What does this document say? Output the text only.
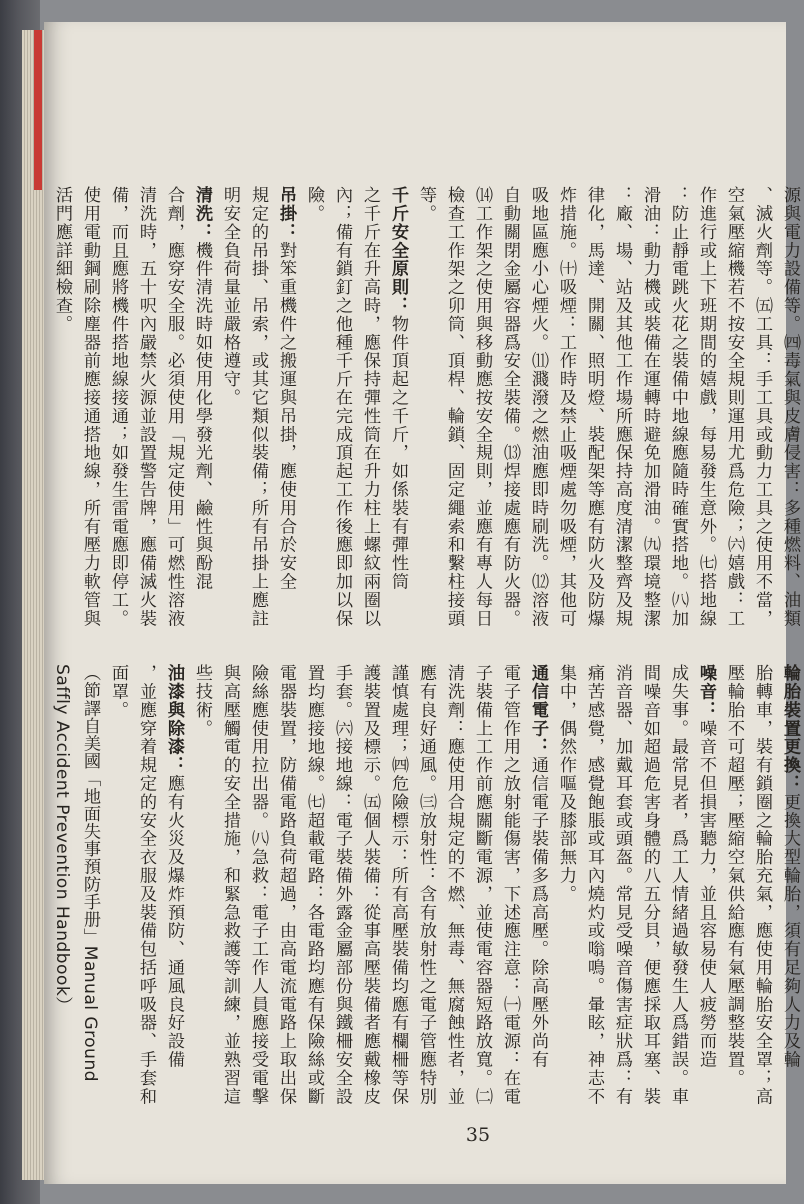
源與電力設備等。㈣毒氣與皮膚侵害：多種燃料、油類
、滅火劑等。㈤工具：手工具或動力工具之使用不當，
空氣壓縮機若不按安全規則運用尤爲危險；㈥嬉戲：工
作進行或上下班期間的嬉戲，每易發生意外。㈦搭地線
：防止靜電跳火花之裝備中地線應隨時確實搭地。㈧加
滑油：動力機或裝備在運轉時避免加滑油。㈨環境整潔
：廠、場、站及其他工作場所應保持高度清潔整齊及規
律化，馬達、開關、照明燈、裝配架等應有防火及防爆
炸措施。㈩吸煙：工作時及禁止吸煙處勿吸煙，其他可
吸地區應小心煙火。⑾濺潑之燃油應即時刷洗。⑿溶液
自動關閉金屬容器爲安全裝備。⒀焊接處應有防火器。
⒁工作架之使用與移動應按安全規則，並應有專人每日
檢查工作架之卯筒、頂桿、輪鎖、固定繩索和繫柱接頭
等。
千斤安全原則：物件頂起之千斤，如係裝有彈性筒
之千斤在升高時，應保持彈性筒在升力柱上螺紋兩圈以
內；備有鎖釘之他種千斤在完成頂起工作後應即加以保
險。
吊掛：對笨重機件之搬運與吊掛，應使用合於安全
規定的吊掛、吊索，或其它類似裝備；所有吊掛上應註
明安全負荷量並嚴格遵守。
清洗：機件清洗時如使用化學發光劑、鹼性與酚混
合劑，應穿安全服。必須使用「規定使用」可燃性溶液
清洗時，五十呎內嚴禁火源並設置警告牌，應備滅火裝
備，而且應將機件搭地線接通；如發生雷電應即停工。
使用電動鋼刷除塵器前應接通搭地線，所有壓力軟管與
活門應詳細檢查。
輪胎裝置更換：更換大型輪胎，須有足夠人力及輪
胎轉車，裝有鎖圈之輪胎充氣，應使用輪胎安全罩；高
壓輪胎不可超壓；壓縮空氣供給應有氣壓調整裝置。
噪音：噪音不但損害聽力，並且容易使人疲勞而造
成失事。最常見者，爲工人情緒過敏發生人爲錯誤。車
間噪音如超過危害身體的八五分貝，便應採取耳塞、裝
消音器、加戴耳套或頭盔。常見受噪音傷害症狀爲：有
痛苦感覺，感覺飽脹或耳內燒灼或嗡鳴。暈眩，神志不
集中，偶然作嘔及膝部無力。
通信電子：通信電子裝備多爲高壓。除高壓外尚有
電子管作用之放射能傷害，下述應注意：㈠電源：在電
子裝備上工作前應關斷電源，並使電容器短路放寬。㈡
清洗劑：應使用合規定的不燃、無毒、無腐蝕性者，並
應有良好通風。㈢放射性：含有放射性之電子管應特別
謹慎處理；㈣危險標示：所有高壓裝備均應有欄柵等保
護裝置及標示。㈤個人裝備：從事高壓裝備者應戴橡皮
手套。㈥接地線：電子裝備外露金屬部份與鐵柵安全設
置均應接地線。㈦超載電路：各電路均應有保險絲或斷
電器裝置，防備電路負荷超過，由高電流電路上取出保
險絲應使用拉出器。㈧急救：電子工作人員應接受電擊
與高壓觸電的安全措施，和緊急救護等訓練，並熟習這
些技術。
油漆與除漆：應有火災及爆炸預防、通風良好設備
，並應穿着規定的安全衣服及裝備包括呼吸器、手套和
面罩。
（節譯自美國「地面失事預防手册」Manual Ground
Saffly Accident Prevention Handbook）
35
